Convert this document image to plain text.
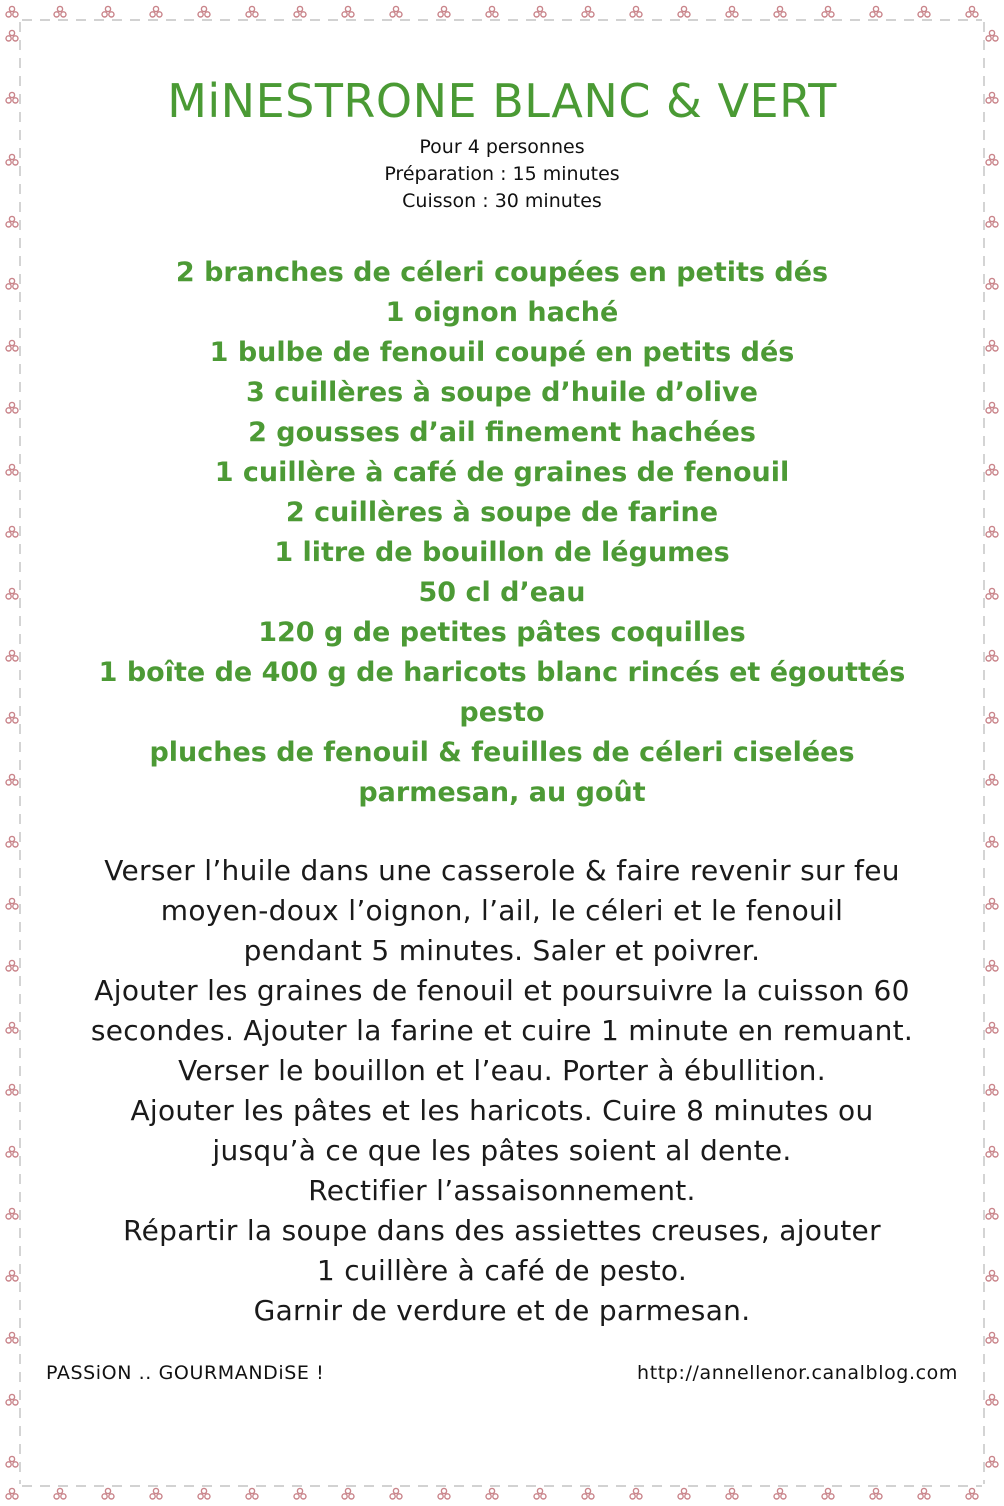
MiNESTRONE BLANC & VERT
Pour 4 personnes
Préparation : 15 minutes
Cuisson : 30 minutes
2 branches de céleri coupées en petits dés
1 oignon haché
1 bulbe de fenouil coupé en petits dés
3 cuillères à soupe d’huile d’olive
2 gousses d’ail finement hachées
1 cuillère à café de graines de fenouil
2 cuillères à soupe de farine
1 litre de bouillon de légumes
50 cl d’eau
120 g de petites pâtes coquilles
1 boîte de 400 g de haricots blanc rincés et égouttés
pesto
pluches de fenouil & feuilles de céleri ciselées
parmesan, au goût
Verser l’huile dans une casserole & faire revenir sur feu
moyen-doux l’oignon, l’ail, le céleri et le fenouil
pendant 5 minutes. Saler et poivrer.
Ajouter les graines de fenouil et poursuivre la cuisson 60
secondes. Ajouter la farine et cuire 1 minute en remuant.
Verser le bouillon et l’eau. Porter à ébullition.
Ajouter les pâtes et les haricots. Cuire 8 minutes ou
jusqu’à ce que les pâtes soient al dente.
Rectifier l’assaisonnement.
Répartir la soupe dans des assiettes creuses, ajouter
1 cuillère à café de pesto.
Garnir de verdure et de parmesan.
PASSiON .. GOURMANDiSE !	http://annellenor.canalblog.com
